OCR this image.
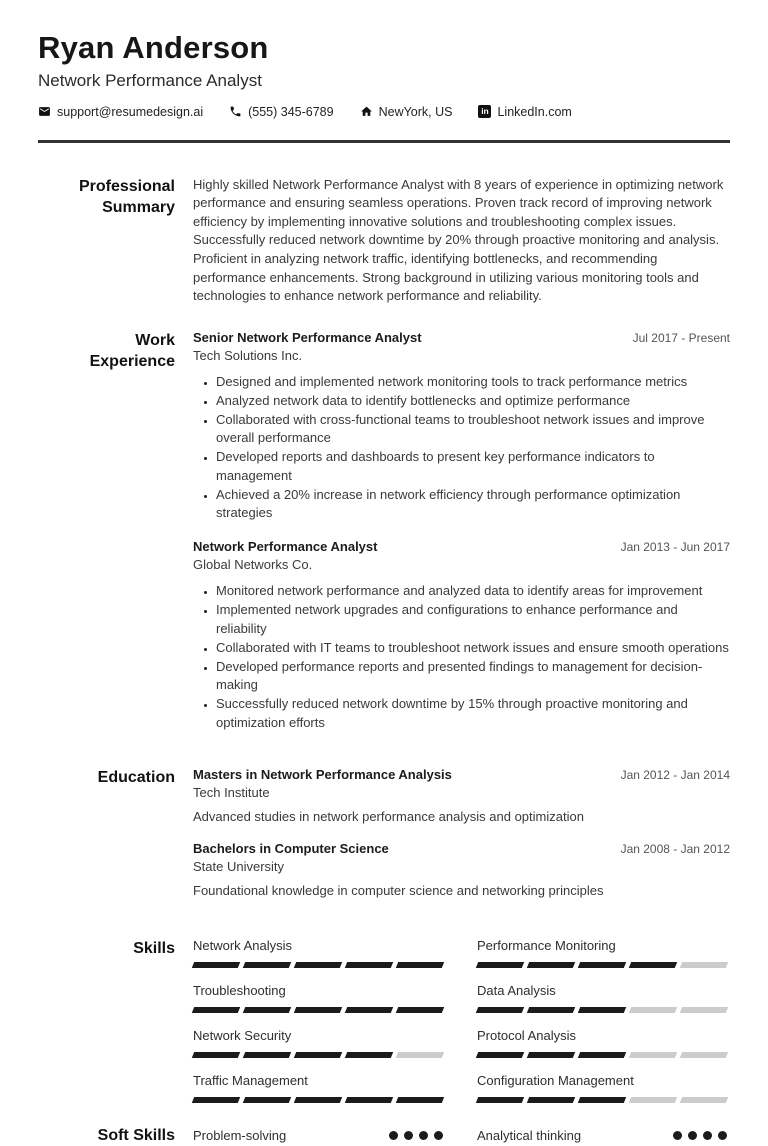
Ryan Anderson
Network Performance Analyst
support@resumedesign.ai	(555) 345-6789	NewYork, US	in LinkedIn.com
Professional Summary

Highly skilled Network Performance Analyst with 8 years of experience in optimizing network performance and ensuring seamless operations. Proven track record of improving network efficiency by implementing innovative solutions and troubleshooting complex issues. Successfully reduced network downtime by 20% through proactive monitoring and analysis. Proficient in analyzing network traffic, identifying bottlenecks, and recommending performance enhancements. Strong background in utilizing various monitoring tools and technologies to enhance network performance and reliability.

Work Experience
Senior Network Performance Analyst	Jul 2017 - Present
Tech Solutions Inc.
• Designed and implemented network monitoring tools to track performance metrics
• Analyzed network data to identify bottlenecks and optimize performance
• Collaborated with cross-functional teams to troubleshoot network issues and improve overall performance
• Developed reports and dashboards to present key performance indicators to management
• Achieved a 20% increase in network efficiency through performance optimization strategies
Network Performance Analyst	Jan 2013 - Jun 2017
Global Networks Co.
• Monitored network performance and analyzed data to identify areas for improvement
• Implemented network upgrades and configurations to enhance performance and reliability
• Collaborated with IT teams to troubleshoot network issues and ensure smooth operations
• Developed performance reports and presented findings to management for decision-making
• Successfully reduced network downtime by 15% through proactive monitoring and optimization efforts
Education Masters in Network Performance Analysis	Jan 2012 - Jan 2014
Tech Institute
Advanced studies in network performance analysis and optimization
Bachelors in Computer Science	Jan 2008 - Jan 2012
State University
Foundational knowledge in computer science and networking principles
Skills Network Analysis	Performance Monitoring
Troubleshooting	Data Analysis
Network Security	Protocol Analysis
Traffic Management	Configuration Management
Soft Skills Problem-solving	Analytical thinking
